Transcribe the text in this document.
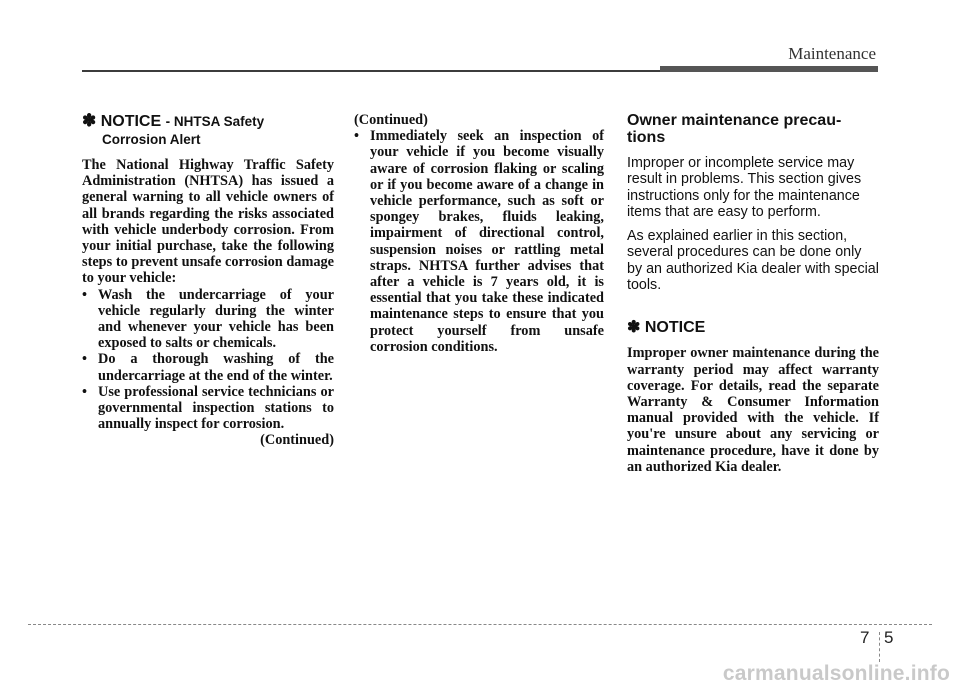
Maintenance
✽ NOTICE - NHTSA Safety
Corrosion Alert

The National Highway Traffic Safety Administration (NHTSA) has issued a general warning to all vehicle owners of all brands regarding the risks associated with vehicle underbody corrosion. From your initial purchase, take the following steps to prevent unsafe corrosion damage to your vehicle:

• Wash the undercarriage of your vehicle regularly during the winter and whenever your vehicle has been exposed to salts or chemicals.
• Do a thorough washing of the undercarriage at the end of the winter.
• Use professional service technicians or governmental inspection stations to annually inspect for corrosion.

(Continued)

(Continued)

• Immediately seek an inspection of your vehicle if you become visually aware of corrosion flaking or scaling or if you become aware of a change in vehicle performance, such as soft or spongey brakes, fluids leaking, impairment of directional control, suspension noises or rattling metal straps. NHTSA further advises that after a vehicle is 7 years old, it is essential that you take these indicated maintenance steps to ensure that you protect yourself from unsafe corrosion conditions.
Owner maintenance precau-
tions

Improper or incomplete service may result in problems. This section gives instructions only for the maintenance items that are easy to perform.

As explained earlier in this section, several procedures can be done only by an authorized Kia dealer with special tools.

✽ NOTICE

Improper owner maintenance during the warranty period may affect warranty coverage. For details, read the separate Warranty & Consumer Information manual provided with the vehicle. If you're unsure about any servicing or maintenance procedure, have it done by an authorized Kia dealer.

7 5
carmanualsonline.info
